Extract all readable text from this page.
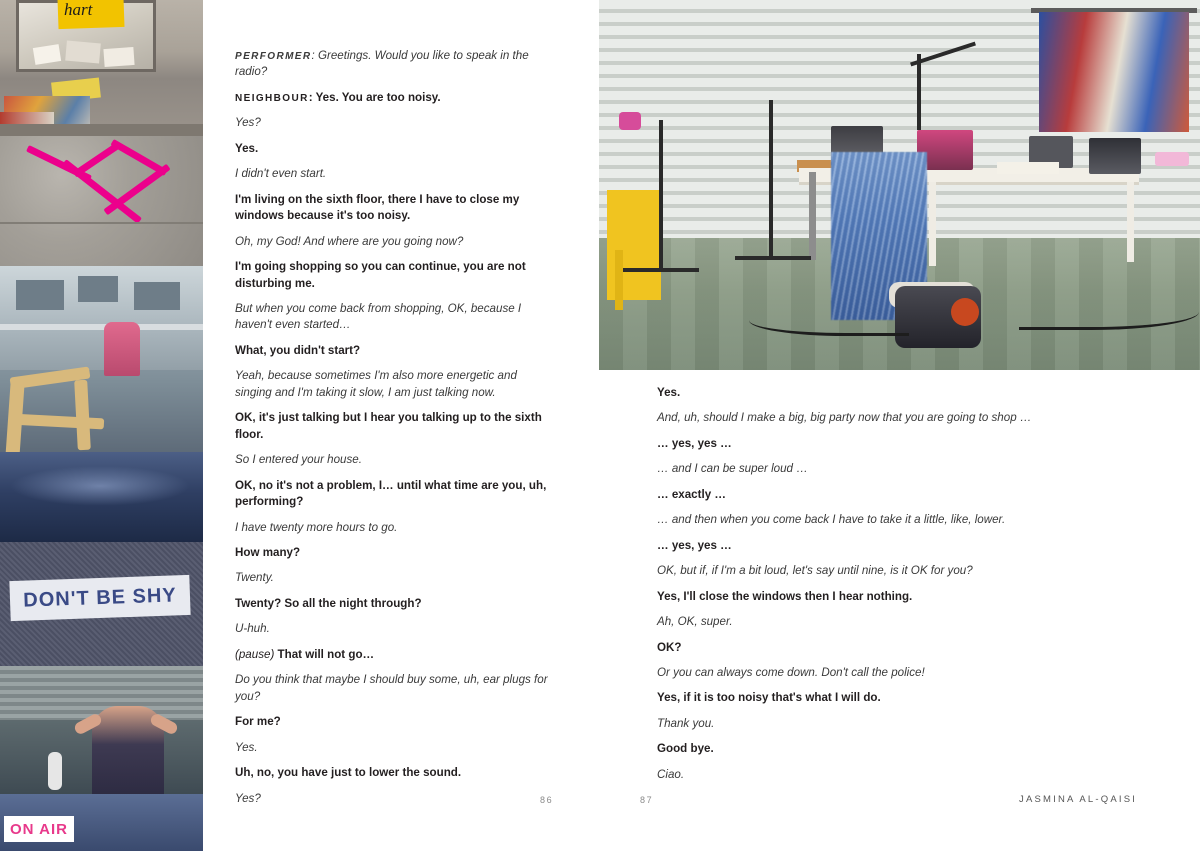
hart
DON'T BE SHY
ON AIR

PERFORMER: Greetings. Would you like to speak in the radio?

NEIGHBOUR: Yes. You are too noisy.

Yes?

Yes.

I didn't even start.

I'm living on the sixth floor, there I have to close my windows because it's too noisy.

Oh, my God! And where are you going now?

I'm going shopping so you can continue, you are not disturbing me.

But when you come back from shopping, OK, because I haven't even started…

What, you didn't start?

Yeah, because sometimes I'm also more energetic and singing and I'm taking it slow, I am just talking now.

OK, it's just talking but I hear you talking up to the sixth floor.

So I entered your house.

OK, no it's not a problem, I… until what time are you, uh, performing?

I have twenty more hours to go.

How many?

Twenty.

Twenty? So all the night through?

U-huh.

(pause) That will not go…

Do you think that maybe I should buy some, uh, ear plugs for you?

For me?

Yes.

Uh, no, you have just to lower the sound.

Yes?

Yes.

And, uh, should I make a big, big party now that you are going to shop …

… yes, yes …

… and I can be super loud …

… exactly …

… and then when you come back I have to take it a little, like, lower.

… yes, yes …

OK, but if, if I'm a bit loud, let's say until nine, is it OK for you?

Yes, I'll close the windows then I hear nothing.

Ah, OK, super.

OK?

Or you can always come down. Don't call the police!

Yes, if it is too noisy that's what I will do.

Thank you.

Good bye.

Ciao.

86	87	JASMINA AL-QAISI
